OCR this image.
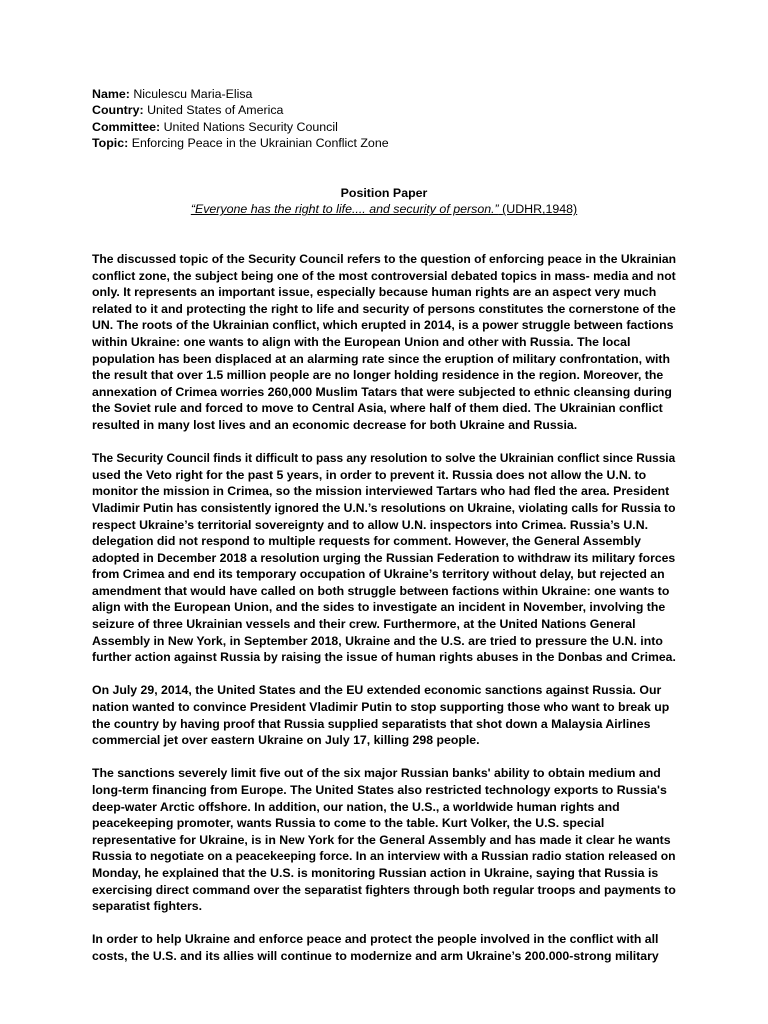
Name: Niculescu Maria-Elisa
Country: United States of America
Committee: United Nations Security Council
Topic: Enforcing Peace in the Ukrainian Conflict Zone
Position Paper
“Everyone has the right to life.... and security of person.” (UDHR,1948)
The discussed topic of the Security Council refers to the question of enforcing peace in the Ukrainian
conflict zone, the subject being one of the most controversial debated topics in mass- media and not
only. It represents an important issue, especially because human rights are an aspect very much
related to it and protecting the right to life and security of persons constitutes the cornerstone of the
UN. The roots of the Ukrainian conflict, which erupted in 2014, is a power struggle between factions
within Ukraine: one wants to align with the European Union and other with Russia. The local
population has been displaced at an alarming rate since the eruption of military confrontation, with
the result that over 1.5 million people are no longer holding residence in the region. Moreover, the
annexation of Crimea worries 260,000 Muslim Tatars that were subjected to ethnic cleansing during
the Soviet rule and forced to move to Central Asia, where half of them died. The Ukrainian conflict
resulted in many lost lives and an economic decrease for both Ukraine and Russia.
The Security Council finds it difficult to pass any resolution to solve the Ukrainian conflict since Russia
used the Veto right for the past 5 years, in order to prevent it. Russia does not allow the U.N. to
monitor the mission in Crimea, so the mission interviewed Tartars who had fled the area. President
Vladimir Putin has consistently ignored the U.N.’s resolutions on Ukraine, violating calls for Russia to
respect Ukraine’s territorial sovereignty and to allow U.N. inspectors into Crimea. Russia’s U.N.
delegation did not respond to multiple requests for comment. However, the General Assembly
adopted in December 2018 a resolution urging the Russian Federation to withdraw its military forces
from Crimea and end its temporary occupation of Ukraine’s territory without delay, but rejected an
amendment that would have called on both struggle between factions within Ukraine: one wants to
align with the European Union, and the sides to investigate an incident in November, involving the
seizure of three Ukrainian vessels and their crew. Furthermore, at the United Nations General
Assembly in New York, in September 2018, Ukraine and the U.S. are tried to pressure the U.N. into
further action against Russia by raising the issue of human rights abuses in the Donbas and Crimea.
On July 29, 2014, the United States and the EU extended economic sanctions against Russia. Our
nation wanted to convince President Vladimir Putin to stop supporting those who want to break up
the country by having proof that Russia supplied separatists that shot down a Malaysia Airlines
commercial jet over eastern Ukraine on July 17, killing 298 people.
The sanctions severely limit five out of the six major Russian banks' ability to obtain medium and
long-term financing from Europe. The United States also restricted technology exports to Russia's
deep-water Arctic offshore. In addition, our nation, the U.S., a worldwide human rights and
peacekeeping promoter, wants Russia to come to the table. Kurt Volker, the U.S. special
representative for Ukraine, is in New York for the General Assembly and has made it clear he wants
Russia to negotiate on a peacekeeping force. In an interview with a Russian radio station released on
Monday, he explained that the U.S. is monitoring Russian action in Ukraine, saying that Russia is
exercising direct command over the separatist fighters through both regular troops and payments to
separatist fighters.
In order to help Ukraine and enforce peace and protect the people involved in the conflict with all
costs, the U.S. and its allies will continue to modernize and arm Ukraine’s 200.000-strong military
